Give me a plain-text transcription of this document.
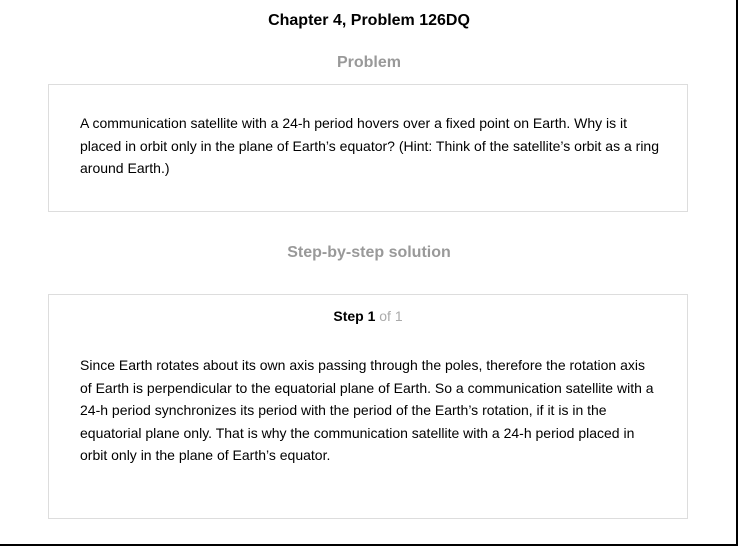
Chapter 4, Problem 126DQ
Problem
A communication satellite with a 24-h period hovers over a fixed point on Earth. Why is it placed in orbit only in the plane of Earth’s equator? (Hint: Think of the satellite’s orbit as a ring around Earth.)
Step-by-step solution
Step 1 of 1
Since Earth rotates about its own axis passing through the poles, therefore the rotation axis of Earth is perpendicular to the equatorial plane of Earth. So a communication satellite with a 24-h period synchronizes its period with the period of the Earth’s rotation, if it is in the equatorial plane only. That is why the communication satellite with a 24-h period placed in orbit only in the plane of Earth’s equator.
